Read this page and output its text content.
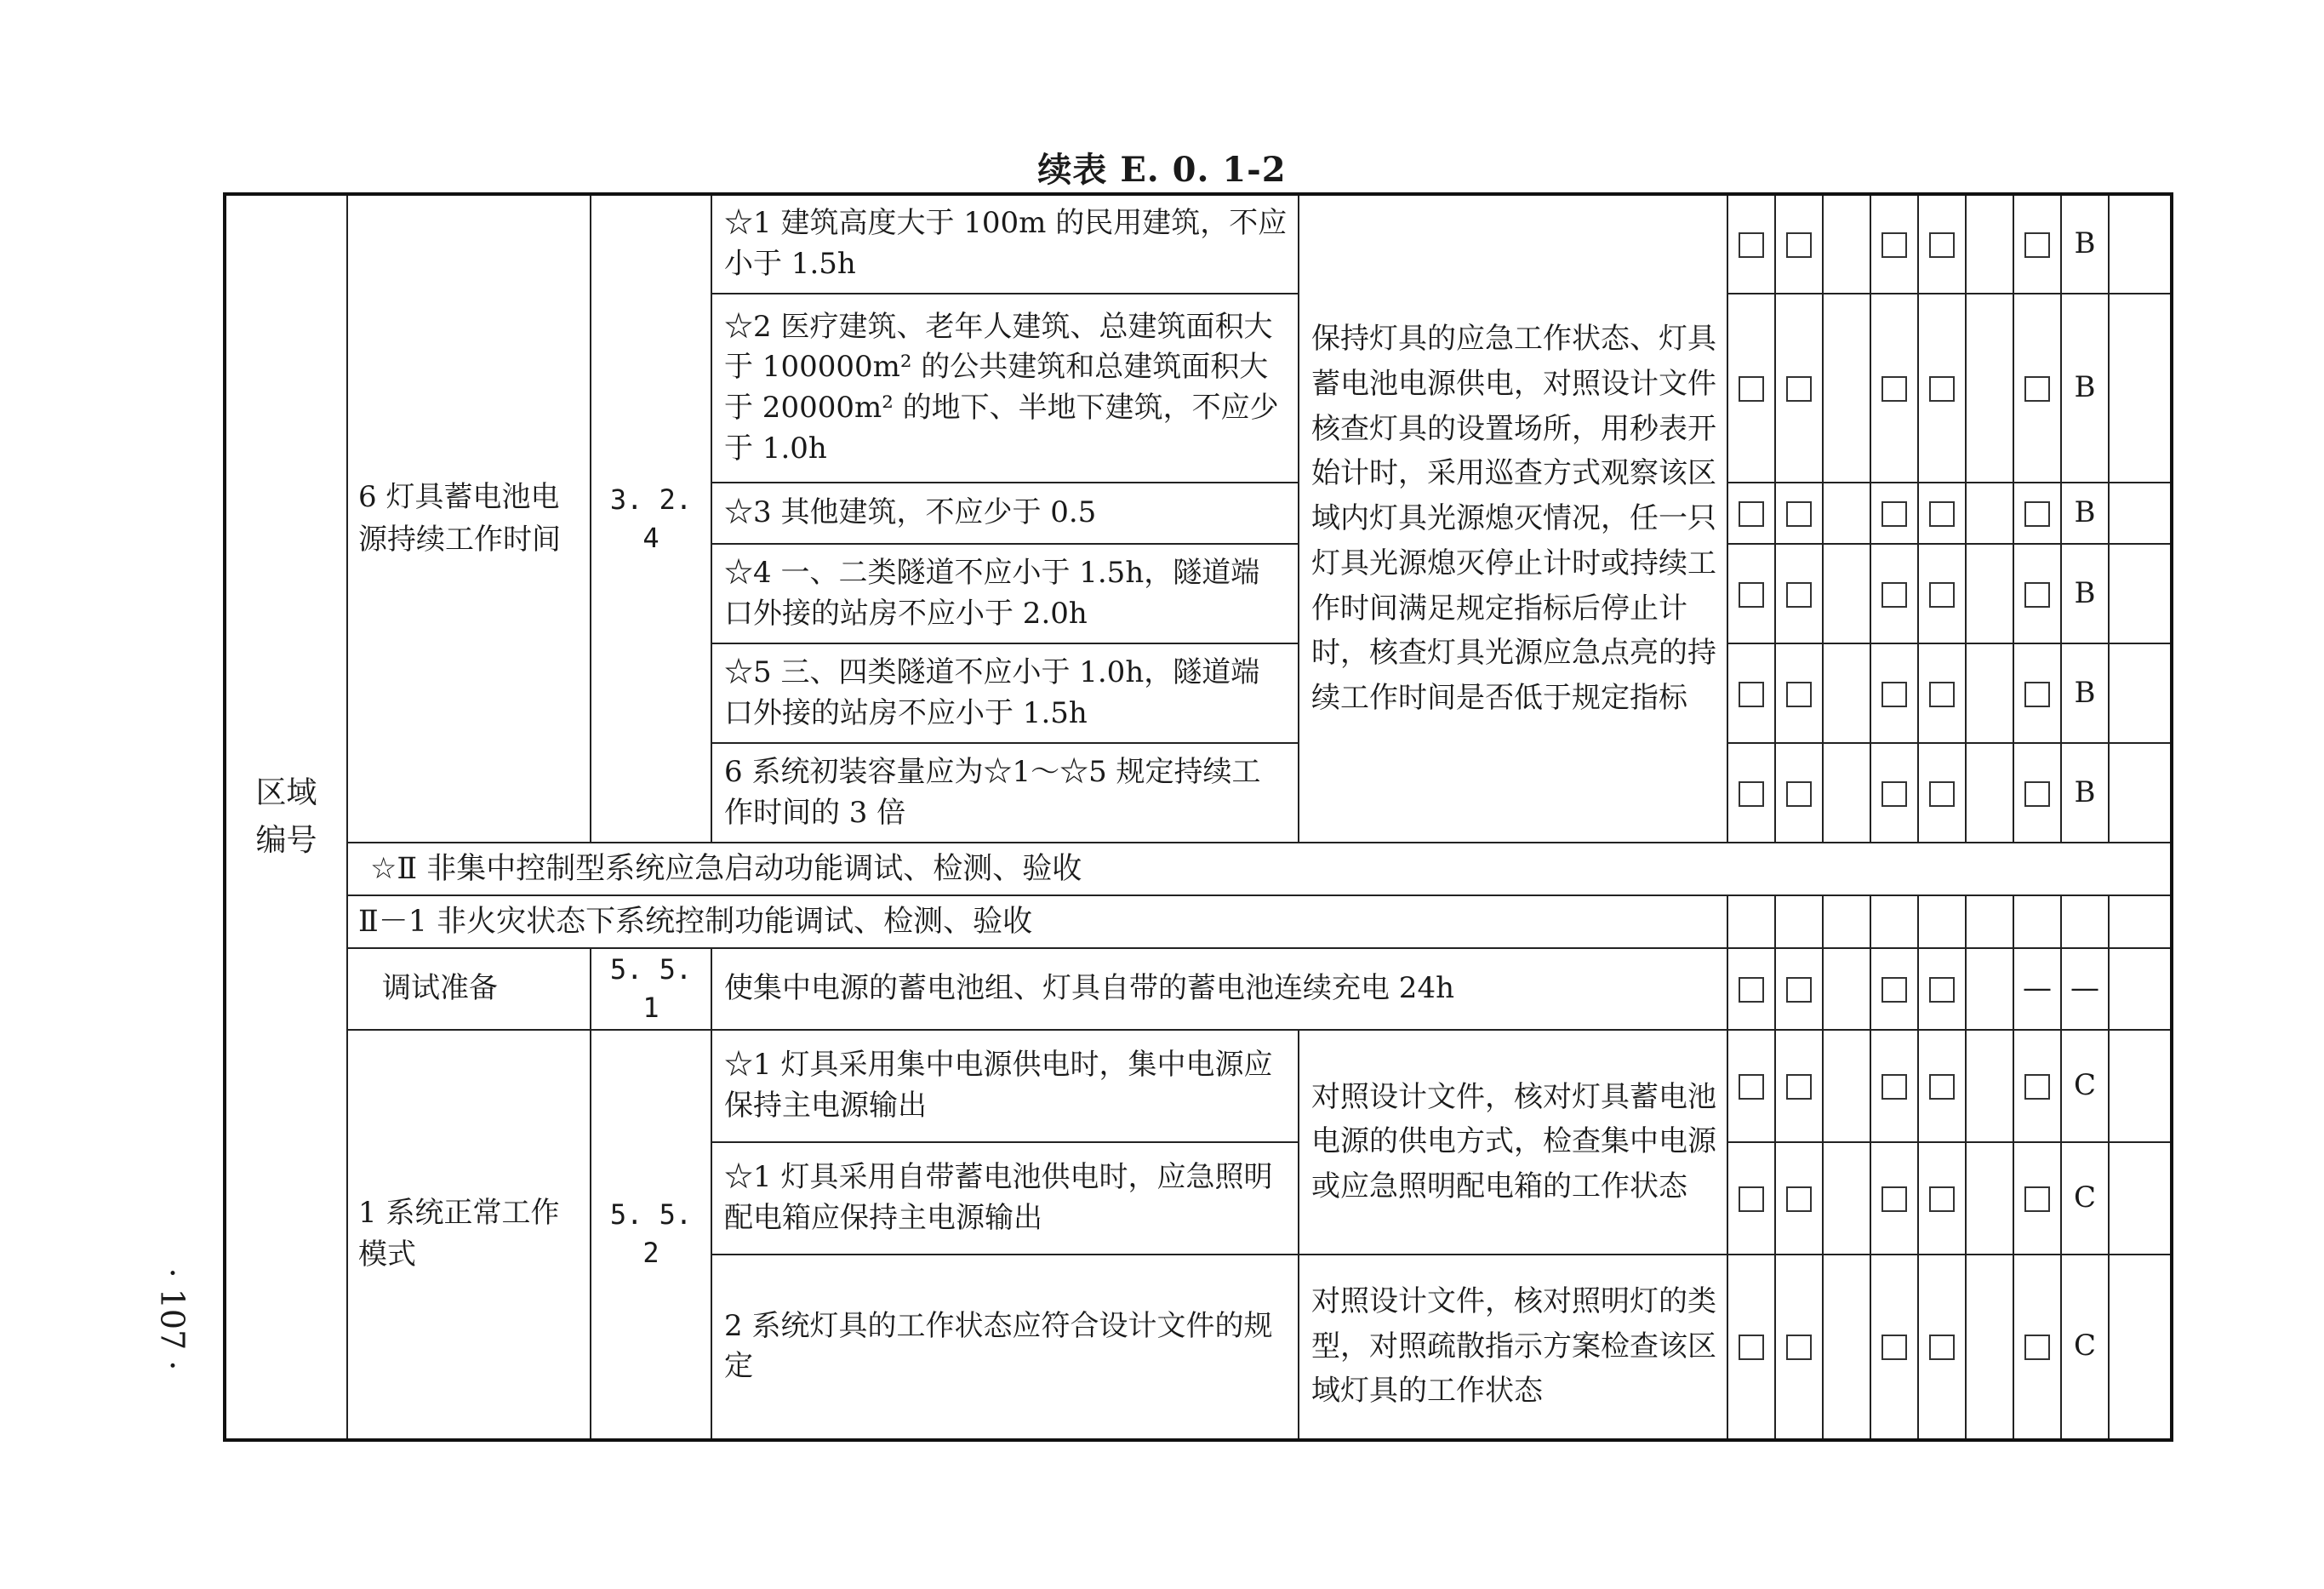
续表 E. 0. 1-2
· 107 ·
区域
编号	6 灯具蓄电池电源持续工作时间	3. 2. 4	☆1 建筑高度大于 100m 的民用建筑，不应小于 1.5h	保持灯具的应急工作状态、灯具蓄电池电源供电，对照设计文件核查灯具的设置场所，用秒表开始计时，采用巡查方式观察该区域内灯具光源熄灭情况，任一只灯具光源熄灭停止计时或持续工作时间满足规定指标后停止计时，核查灯具光源应急点亮的持续工作时间是否低于规定指标								B	
			☆2 医疗建筑、老年人建筑、总建筑面积大于 100000m² 的公共建筑和总建筑面积大于 20000m² 的地下、半地下建筑，不应少于 1.0h									B	
			☆3 其他建筑，不应少于 0.5									B	
			☆4 一、二类隧道不应小于 1.5h，隧道端口外接的站房不应小于 2.0h									B	
			☆5 三、四类隧道不应小于 1.0h，隧道端口外接的站房不应小于 1.5h									B	
			6 系统初装容量应为☆1～☆5 规定持续工作时间的 3 倍									B	
	☆Ⅱ 非集中控制型系统应急启动功能调试、检测、验收												
	Ⅱ－1 非火灾状态下系统控制功能调试、检测、验收												
	调试准备	5. 5. 1	使集中电源的蓄电池组、灯具自带的蓄电池连续充电 24h								—	—	
	1 系统正常工作模式	5. 5. 2	☆1 灯具采用集中电源供电时，集中电源应保持主电源输出	对照设计文件，核对灯具蓄电池电源的供电方式，检查集中电源或应急照明配电箱的工作状态								C	
			☆1 灯具采用自带蓄电池供电时，应急照明配电箱应保持主电源输出									C	
			2 系统灯具的工作状态应符合设计文件的规定	对照设计文件，核对照明灯的类型，对照疏散指示方案检查该区域灯具的工作状态								C	
